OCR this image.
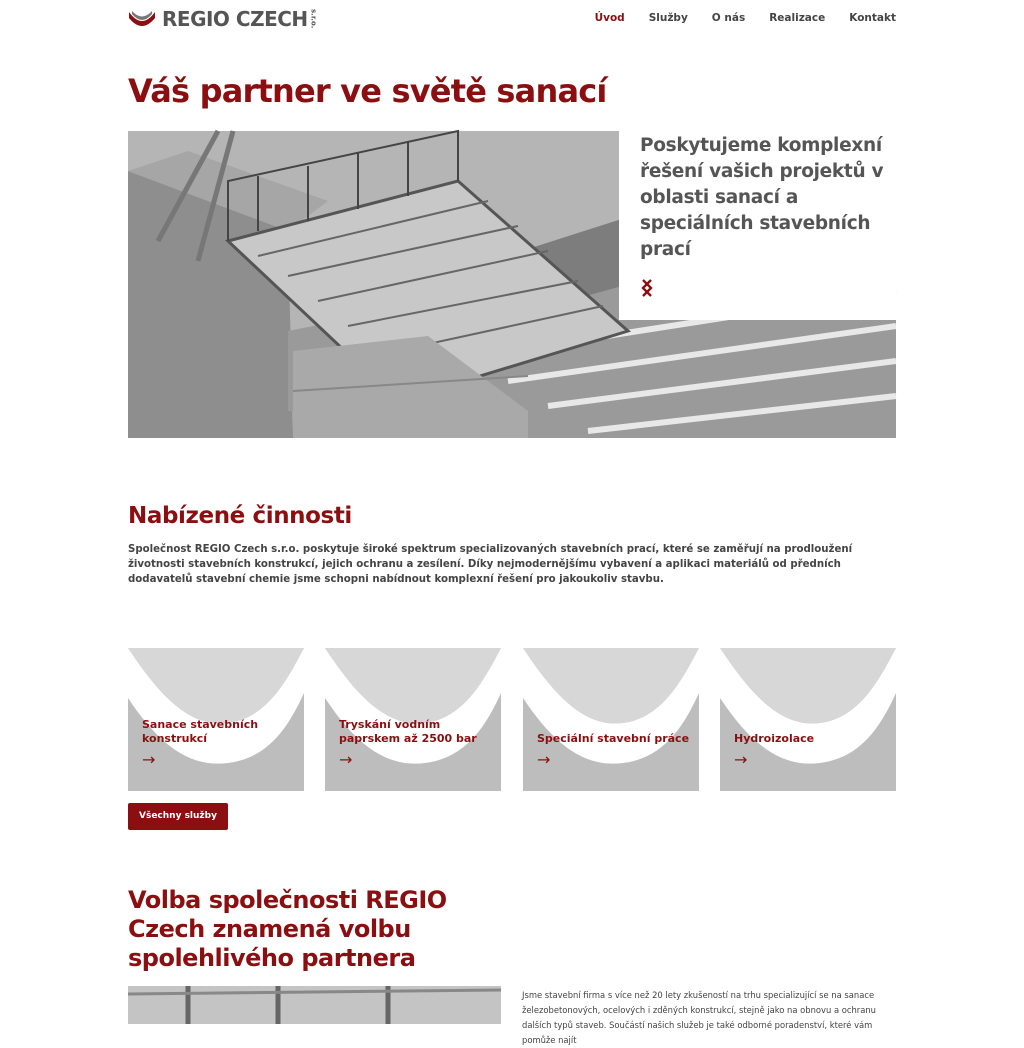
REGIO CZECH s.r.o.	Úvod Služby O nás Realizace Kontakt
Váš partner ve světě sanací

Poskytujeme komplexní řešení vašich projektů v oblasti sanací a speciálních stavebních prací

Nabízené činnosti

Společnost REGIO Czech s.r.o. poskytuje široké spektrum specializovaných stavebních prací, které se zaměřují na prodloužení životnosti stavebních konstrukcí, jejich ochranu a zesílení. Díky nejmodernějšímu vybavení a aplikaci materiálů od předních dodavatelů stavební chemie jsme schopni nabídnout komplexní řešení pro jakoukoliv stavbu.

Sanace stavebních konstrukcí
→
Tryskání vodním paprskem až 2500 bar
→
Speciální stavební práce
→
Hydroizolace
→
Všechny služby
Volba společnosti REGIO Czech znamená volbu spolehlivého partnera

Jsme stavební firma s více než 20 lety zkušeností na trhu specializující se na sanace železobetonových, ocelových i zděných konstrukcí, stejně jako na obnovu a ochranu dalších typů staveb. Součástí našich služeb je také odborné poradenství, které vám pomůže najít
